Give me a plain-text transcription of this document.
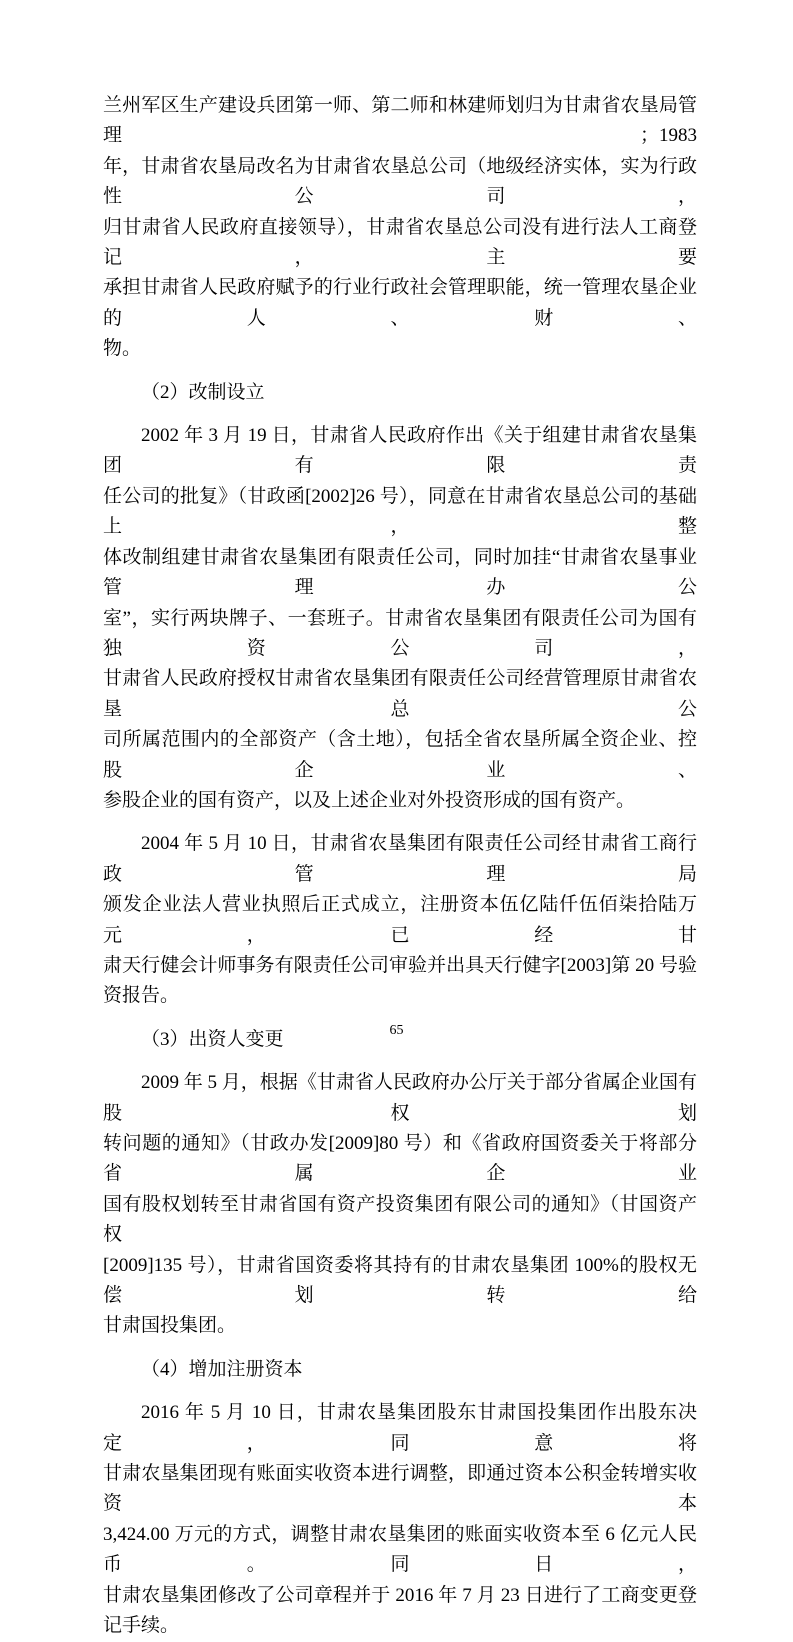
兰州军区生产建设兵团第一师、第二师和林建师划归为甘肃省农垦局管理；1983
年，甘肃省农垦局改名为甘肃省农垦总公司（地级经济实体，实为行政性公司，
归甘肃省人民政府直接领导），甘肃省农垦总公司没有进行法人工商登记，主要
承担甘肃省人民政府赋予的行业行政社会管理职能，统一管理农垦企业的人、财、
物。
（2）改制设立
2002 年 3 月 19 日，甘肃省人民政府作出《关于组建甘肃省农垦集团有限责
任公司的批复》（甘政函[2002]26 号），同意在甘肃省农垦总公司的基础上，整
体改制组建甘肃省农垦集团有限责任公司，同时加挂“甘肃省农垦事业管理办公
室”，实行两块牌子、一套班子。甘肃省农垦集团有限责任公司为国有独资公司，
甘肃省人民政府授权甘肃省农垦集团有限责任公司经营管理原甘肃省农垦总公
司所属范围内的全部资产（含土地），包括全省农垦所属全资企业、控股企业、
参股企业的国有资产，以及上述企业对外投资形成的国有资产。
2004 年 5 月 10 日，甘肃省农垦集团有限责任公司经甘肃省工商行政管理局
颁发企业法人营业执照后正式成立，注册资本伍亿陆仟伍佰柒拾陆万元，已经甘
肃天行健会计师事务有限责任公司审验并出具天行健字[2003]第 20 号验资报告。
（3）出资人变更
2009 年 5 月，根据《甘肃省人民政府办公厅关于部分省属企业国有股权划
转问题的通知》（甘政办发[2009]80 号）和《省政府国资委关于将部分省属企业
国有股权划转至甘肃省国有资产投资集团有限公司的通知》（甘国资产权
[2009]135 号），甘肃省国资委将其持有的甘肃农垦集团 100%的股权无偿划转给
甘肃国投集团。
（4）增加注册资本
2016 年 5 月 10 日，甘肃农垦集团股东甘肃国投集团作出股东决定，同意将
甘肃农垦集团现有账面实收资本进行调整，即通过资本公积金转增实收资本
3,424.00 万元的方式，调整甘肃农垦集团的账面实收资本至 6 亿元人民币。同日，
甘肃农垦集团修改了公司章程并于 2016 年 7 月 23 日进行了工商变更登记手续。
65
